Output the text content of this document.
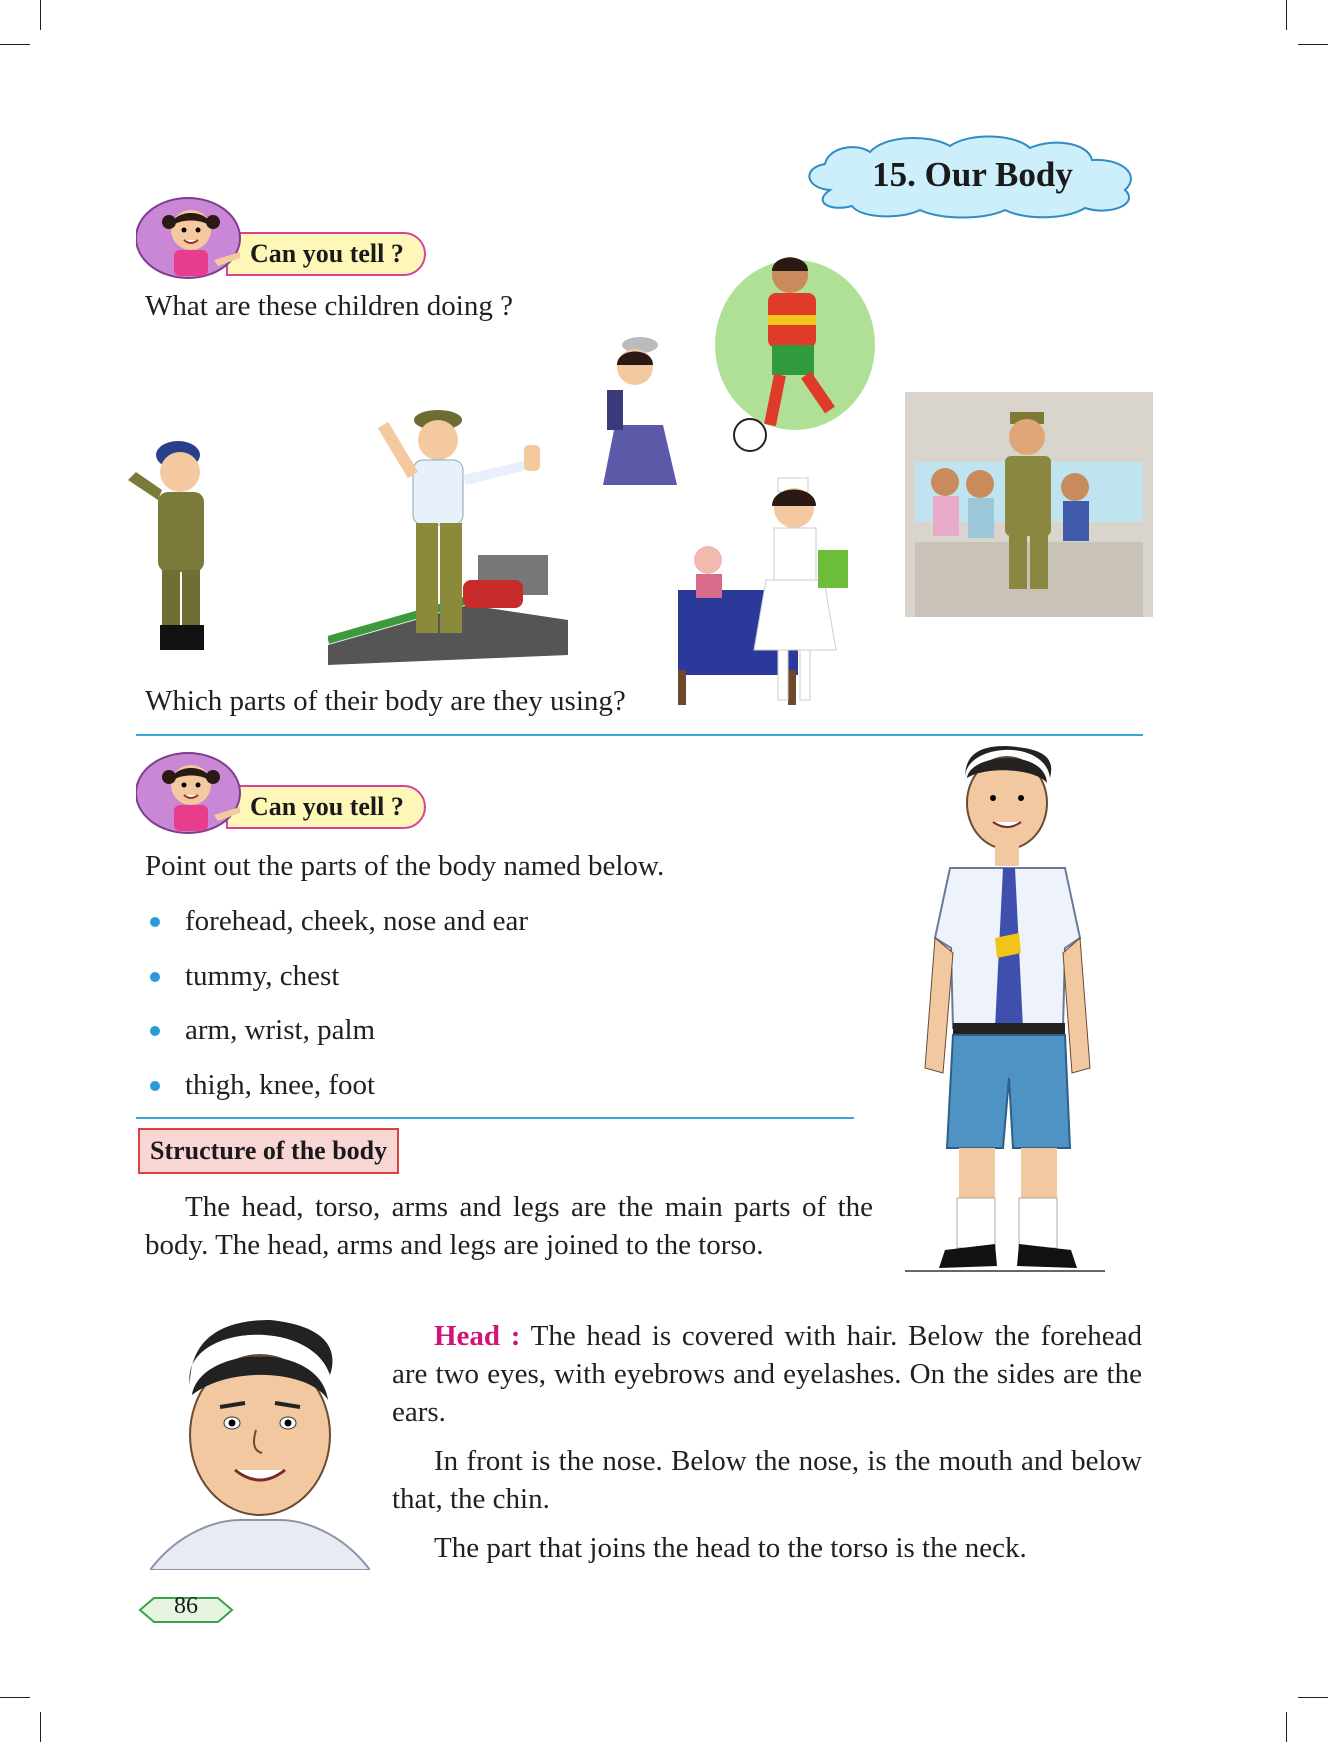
15.
Our Body
Can you tell ?
What are these children doing ?
Which parts of their body are they using?
Can you tell ?
Point out the parts of the body named below.
forehead, cheek, nose and ear
tummy, chest
arm, wrist, palm
thigh, knee, foot
Structure of the body
The head, torso, arms and legs are the main parts of the body. The head, arms and legs are joined to the torso.
Head : The head is covered with hair. Below the forehead are two eyes, with eyebrows and eyelashes. On the sides are the ears.
In front is the nose. Below the nose, is the mouth and below that, the chin.
The part that joins the head to the torso is the neck.
86
